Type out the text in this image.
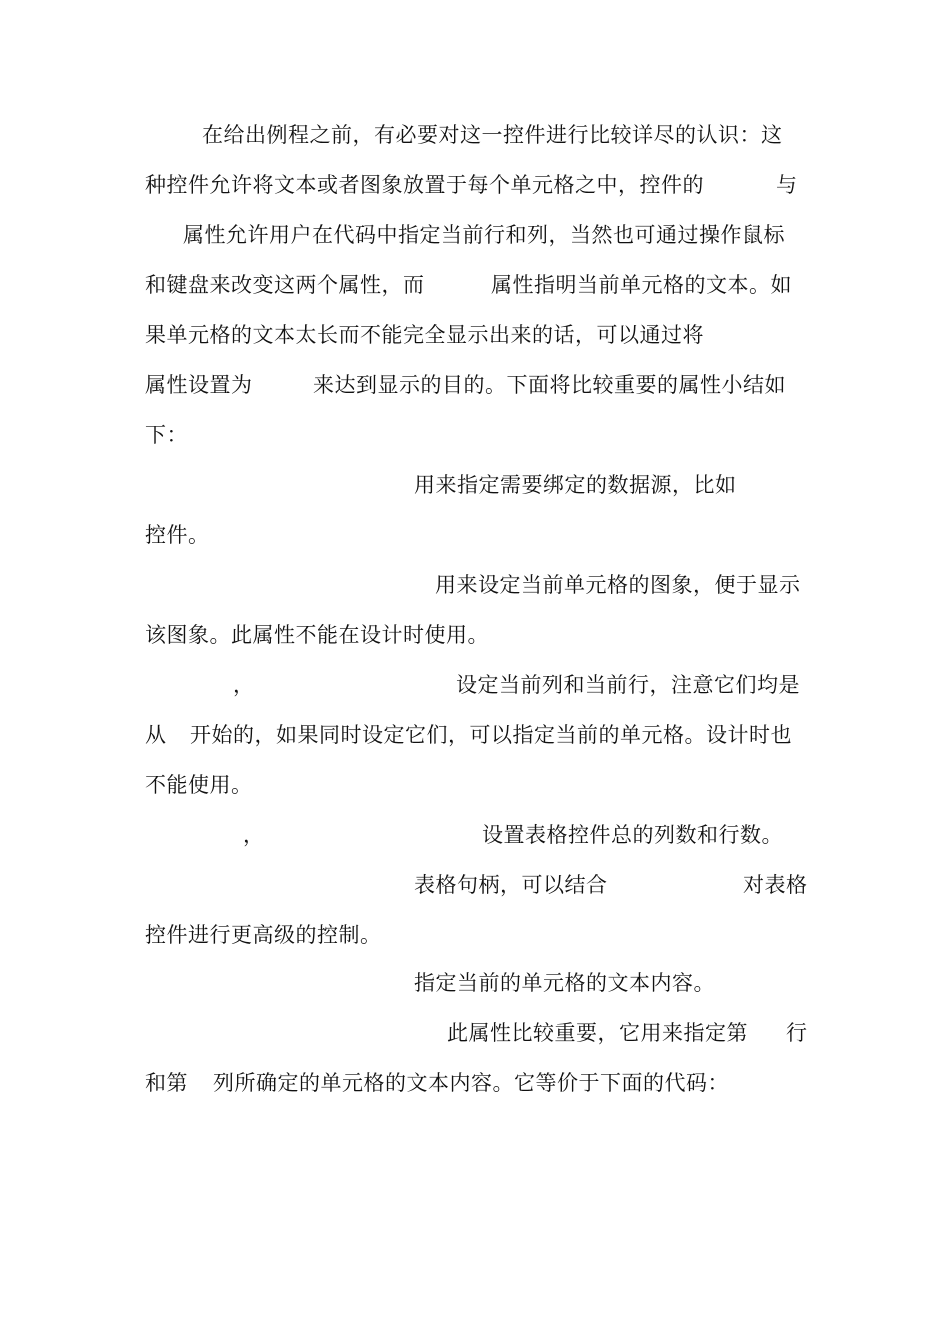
在给出例程之前，有必要对这一控件进行比较详尽的认识：这
种控件允许将文本或者图象放置于每个单元格之中，控件的	与
属性允许用户在代码中指定当前行和列，当然也可通过操作鼠标
和键盘来改变这两个属性，而	属性指明当前单元格的文本。如
果单元格的文本太长而不能完全显示出来的话，可以通过将
属性设置为	来达到显示的目的。下面将比较重要的属性小结如
下：
用来指定需要绑定的数据源，比如
控件。
用来设定当前单元格的图象，便于显示
该图象。此属性不能在设计时使用。
，	设定当前列和当前行，注意它们均是
从 开始的，如果同时设定它们，可以指定当前的单元格。设计时也
不能使用。
，	设置表格控件总的列数和行数。
表格句柄，可以结合	对表格
控件进行更高级的控制。
指定当前的单元格的文本内容。
此属性比较重要，它用来指定第 行
和第 列所确定的单元格的文本内容。它等价于下面的代码：
